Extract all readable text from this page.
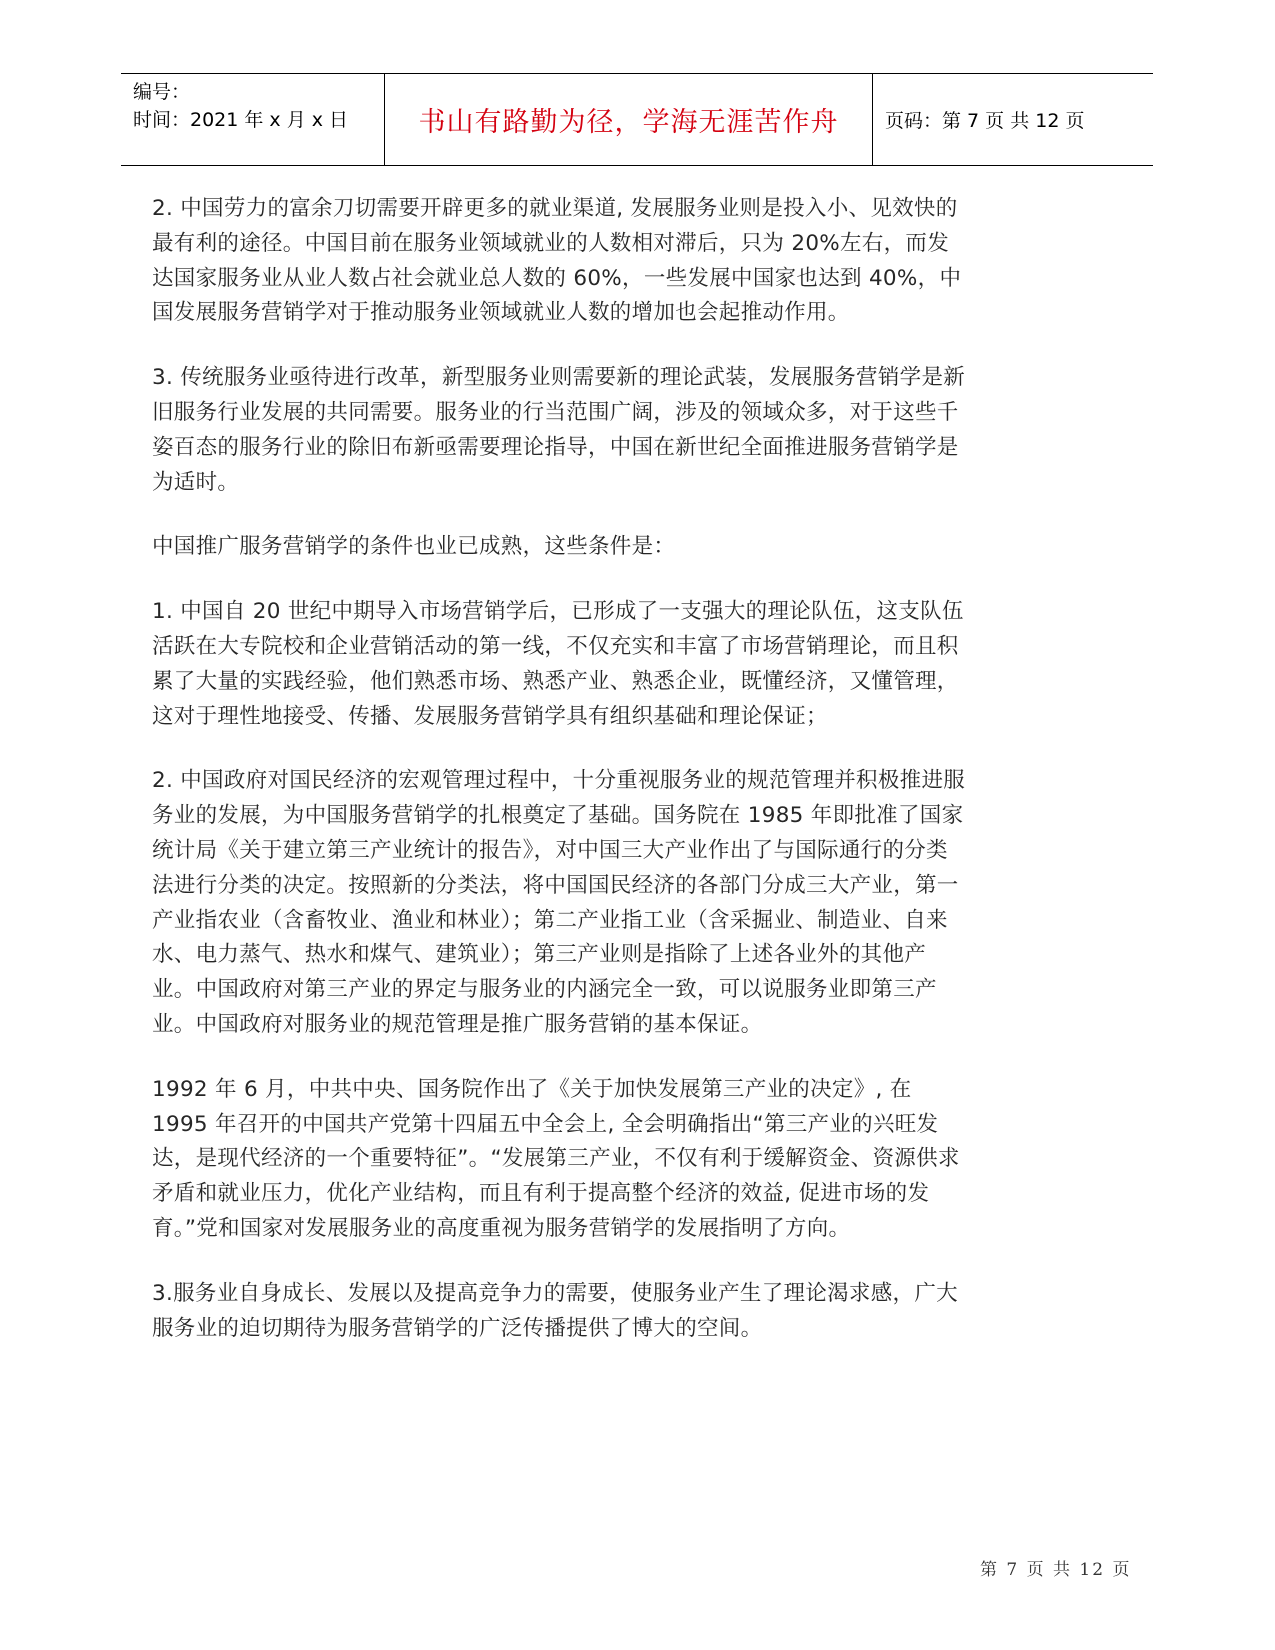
编号：
时间：2021 年 x 月 x 日	书山有路勤为径，学海无涯苦作舟	页码：第 7 页 共 12 页

2. 中国劳力的富余刀切需要开辟更多的就业渠道, 发展服务业则是投入小、见效快的最有利的途径。中国目前在服务业领域就业的人数相对滞后，只为 20%左右，而发达国家服务业从业人数占社会就业总人数的 60%，一些发展中国家也达到 40%，中国发展服务营销学对于推动服务业领域就业人数的增加也会起推动作用。

3. 传统服务业亟待进行改革，新型服务业则需要新的理论武装，发展服务营销学是新旧服务行业发展的共同需要。服务业的行当范围广阔，涉及的领域众多，对于这些千姿百态的服务行业的除旧布新亟需要理论指导，中国在新世纪全面推进服务营销学是为适时。

中国推广服务营销学的条件也业已成熟，这些条件是：

1. 中国自 20 世纪中期导入市场营销学后，已形成了一支强大的理论队伍，这支队伍活跃在大专院校和企业营销活动的第一线，不仅充实和丰富了市场营销理论，而且积累了大量的实践经验，他们熟悉市场、熟悉产业、熟悉企业，既懂经济，又懂管理，这对于理性地接受、传播、发展服务营销学具有组织基础和理论保证；

2. 中国政府对国民经济的宏观管理过程中，十分重视服务业的规范管理并积极推进服务业的发展，为中国服务营销学的扎根奠定了基础。国务院在 1985 年即批准了国家统计局《关于建立第三产业统计的报告》，对中国三大产业作出了与国际通行的分类法进行分类的决定。按照新的分类法，将中国国民经济的各部门分成三大产业，第一产业指农业（含畜牧业、渔业和林业）；第二产业指工业（含采掘业、制造业、自来水、电力蒸气、热水和煤气、建筑业）；第三产业则是指除了上述各业外的其他产业。中国政府对第三产业的界定与服务业的内涵完全一致，可以说服务业即第三产业。中国政府对服务业的规范管理是推广服务营销的基本保证。

1992 年 6 月，中共中央、国务院作出了《关于加快发展第三产业的决定》, 在 1995 年召开的中国共产党第十四届五中全会上, 全会明确指出“第三产业的兴旺发达，是现代经济的一个重要特征”。“发展第三产业，不仅有利于缓解资金、资源供求矛盾和就业压力，优化产业结构，而且有利于提高整个经济的效益, 促进市场的发育。”党和国家对发展服务业的高度重视为服务营销学的发展指明了方向。

3.服务业自身成长、发展以及提高竞争力的需要，使服务业产生了理论渴求感，广大服务业的迫切期待为服务营销学的广泛传播提供了博大的空间。

第 7 页 共 12 页
